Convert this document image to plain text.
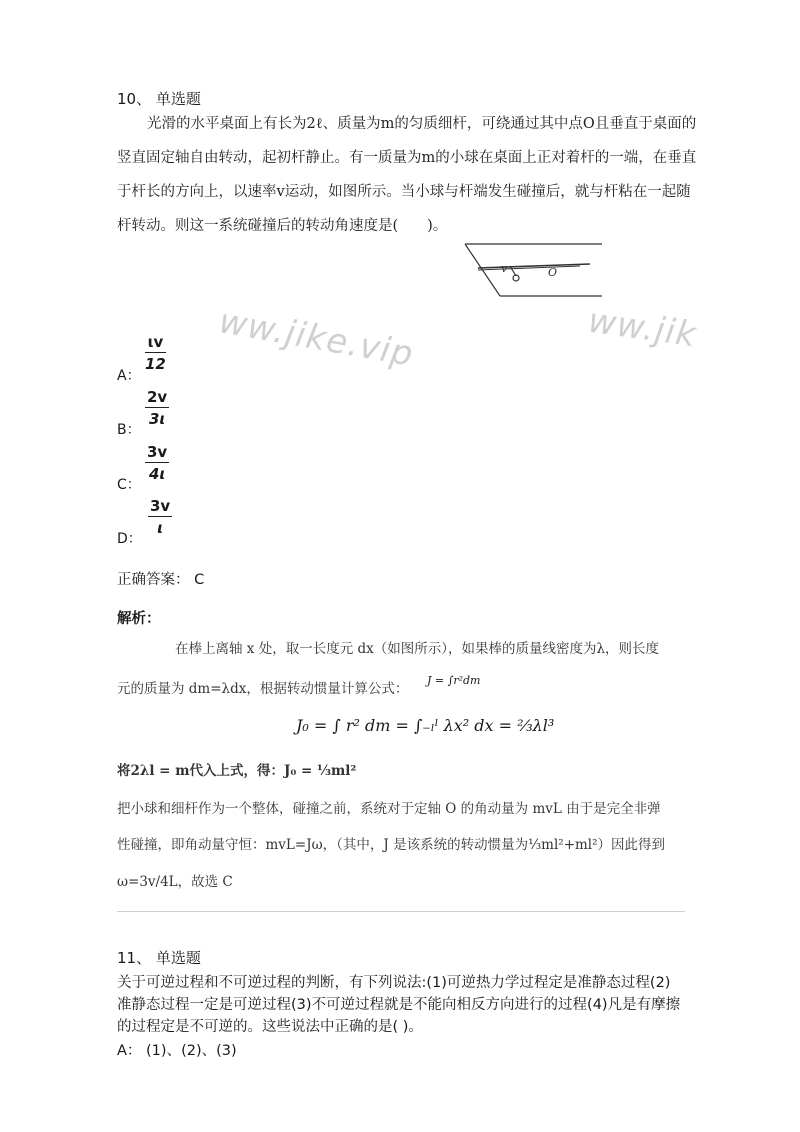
10、 单选题
光滑的水平桌面上有长为2ℓ、质量为m的匀质细杆，可绕通过其中点O且垂直于桌面的
竖直固定轴自由转动，起初杆静止。有一质量为m的小球在桌面上正对着杆的一端，在垂直
于杆长的方向上，以速率v运动，如图所示。当小球与杆端发生碰撞后，就与杆粘在一起随
杆转动。则这一系统碰撞后的转动角速度是(　　)。
v	O
ww.jike.vip	ww.jik
A：
$\frac{\iota v}{12}$
B： $\frac{2v}{3\iota}$
C： $\frac{3v}{4\iota}$
D： $\frac{3v}{\iota}$
正确答案： C
解析：
在棒上离轴 x 处，取一长度元 dx（如图所示），如果棒的质量线密度为λ，则长度
元的质量为 dm=λdx，根据转动惯量计算公式：
J = ∫r²dm
J₀ = ∫ r² dm = ∫₋ₗˡ λx² dx = ⅔λl³
将2λl = m代入上式，得：J₀ = ⅓ml²
把小球和细杆作为一个整体，碰撞之前，系统对于定轴 O 的角动量为 mvL 由于是完全非弹
性碰撞，即角动量守恒：mvL=Jω，（其中，J 是该系统的转动惯量为⅓ml²+ml²）因此得到
ω=3v/4L，故选 C
11、 单选题
关于可逆过程和不可逆过程的判断，有下列说法:(1)可逆热力学过程定是准静态过程(2)
准静态过程一定是可逆过程(3)不可逆过程就是不能向相反方向进行的过程(4)凡是有摩擦
的过程定是不可逆的。这些说法中正确的是( )。
A： (1)、(2)、(3)
